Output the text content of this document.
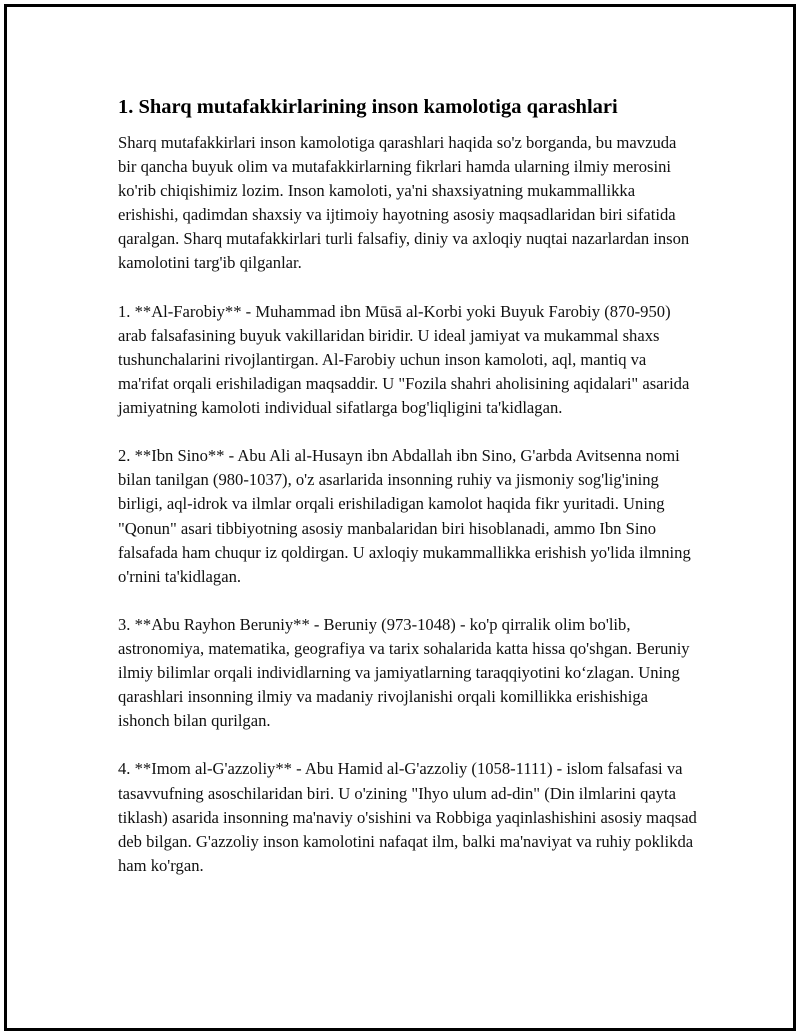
1. Sharq mutafakkirlarining inson kamolotiga qarashlari

Sharq mutafakkirlari inson kamolotiga qarashlari haqida so'z borganda, bu mavzuda bir qancha buyuk olim va mutafakkirlarning fikrlari hamda ularning ilmiy merosini ko'rib chiqishimiz lozim. Inson kamoloti, ya'ni shaxsiyatning mukammallikka erishishi, qadimdan shaxsiy va ijtimoiy hayotning asosiy maqsadlaridan biri sifatida qaralgan. Sharq mutafakkirlari turli falsafiy, diniy va axloqiy nuqtai nazarlardan inson kamolotini targ'ib qilganlar.

1. **Al-Farobiy** - Muhammad ibn Mūsā al-Korbi yoki Buyuk Farobiy (870-950) arab falsafasining buyuk vakillaridan biridir. U ideal jamiyat va mukammal shaxs tushunchalarini rivojlantirgan. Al-Farobiy uchun inson kamoloti, aql, mantiq va ma'rifat orqali erishiladigan maqsaddir. U "Fozila shahri aholisining aqidalari" asarida jamiyatning kamoloti individual sifatlarga bog'liqligini ta'kidlagan.

2. **Ibn Sino** - Abu Ali al-Husayn ibn Abdallah ibn Sino, G'arbda Avitsenna nomi bilan tanilgan (980-1037), o'z asarlarida insonning ruhiy va jismoniy sog'lig'ining birligi, aql-idrok va ilmlar orqali erishiladigan kamolot haqida fikr yuritadi. Uning "Qonun" asari tibbiyotning asosiy manbalaridan biri hisoblanadi, ammo Ibn Sino falsafada ham chuqur iz qoldirgan. U axloqiy mukammallikka erishish yo'lida ilmning o'rnini ta'kidlagan.

3. **Abu Rayhon Beruniy** - Beruniy (973-1048) - ko'p qirralik olim bo'lib, astronomiya, matematika, geografiya va tarix sohalarida katta hissa qo'shgan. Beruniy ilmiy bilimlar orqali individlarning va jamiyatlarning taraqqiyotini ko‘zlagan. Uning qarashlari insonning ilmiy va madaniy rivojlanishi orqali komillikka erishishiga ishonch bilan qurilgan.

4. **Imom al-G'azzoliy** - Abu Hamid al-G'azzoliy (1058-1111) - islom falsafasi va tasavvufning asoschilaridan biri. U o'zining "Ihyo ulum ad-din" (Din ilmlarini qayta tiklash) asarida insonning ma'naviy o'sishini va Robbiga yaqinlashishini asosiy maqsad deb bilgan. G'azzoliy inson kamolotini nafaqat ilm, balki ma'naviyat va ruhiy poklikda ham ko'rgan.
